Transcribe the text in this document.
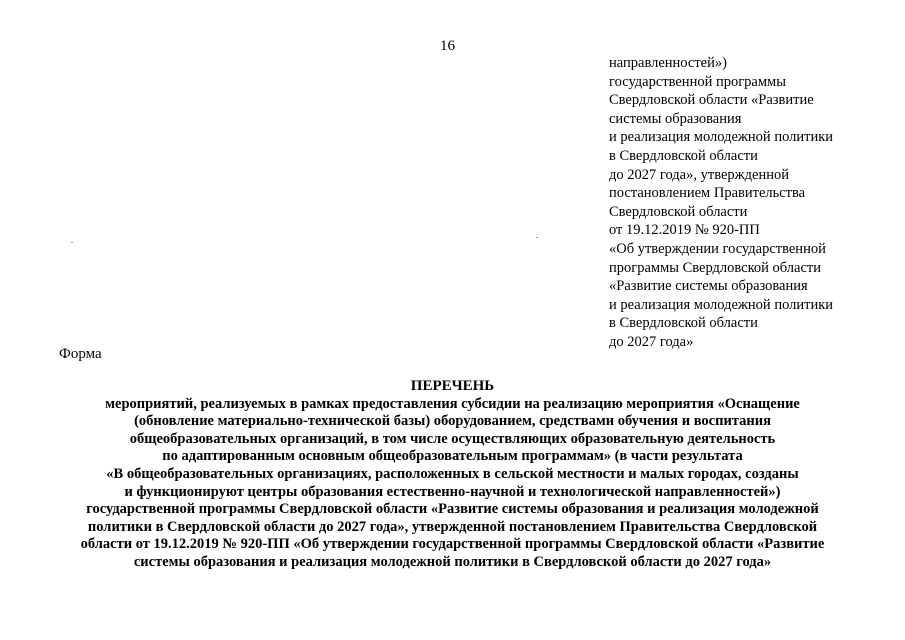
16
направленностей»)
государственной программы
Свердловской области «Развитие
системы образования
и реализация молодежной политики
в Свердловской области
до 2027 года», утвержденной
постановлением Правительства
Свердловской области
от 19.12.2019 № 920-ПП
«Об утверждении государственной
программы Свердловской области
«Развитие системы образования
и реализация молодежной политики
в Свердловской области
до 2027 года»
Форма
ПЕРЕЧЕНЬ
мероприятий, реализуемых в рамках предоставления субсидии на реализацию мероприятия «Оснащение
(обновление материально-технической базы) оборудованием, средствами обучения и воспитания
общеобразовательных организаций, в том числе осуществляющих образовательную деятельность
по адаптированным основным общеобразовательным программам» (в части результата
«В общеобразовательных организациях, расположенных в сельской местности и малых городах, созданы
и функционируют центры образования естественно-научной и технологической направленностей»)
государственной программы Свердловской области «Развитие системы образования и реализация молодежной
политики в Свердловской области до 2027 года», утвержденной постановлением Правительства Свердловской
области от 19.12.2019 № 920-ПП «Об утверждении государственной программы Свердловской области «Развитие
системы образования и реализация молодежной политики в Свердловской области до 2027 года»
